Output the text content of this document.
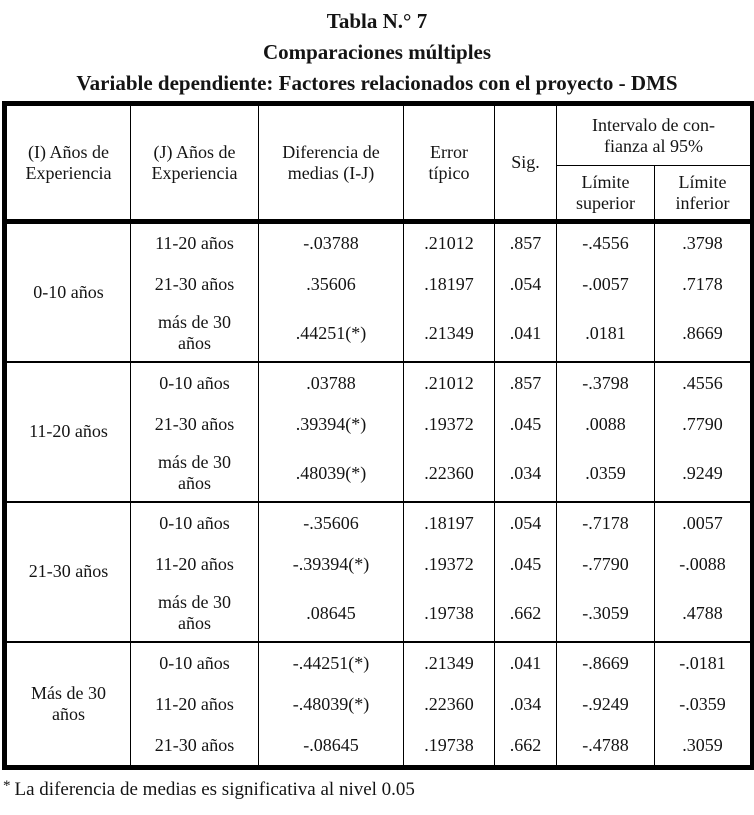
Tabla N.° 7
Comparaciones múltiples
Variable dependiente: Factores relacionados con el proyecto - DMS
(I) Años de Experiencia	(J) Años de Experiencia	Diferencia de medias (I-J)	Error típico	Sig.	Intervalo de con-
fianza al 95%	

					Límite superior	Límite inferior
0-10 años	11-20 años	-.03788	.21012	.857	-.4556	.3798
	21-30 años	.35606	.18197	.054	-.0057	.7178
	más de 30 años	.44251(*)	.21349	.041	.0181	.8669
11-20 años	0-10 años	.03788	.21012	.857	-.3798	.4556
	21-30 años	.39394(*)	.19372	.045	.0088	.7790
	más de 30 años	.48039(*)	.22360	.034	.0359	.9249
21-30 años	0-10 años	-.35606	.18197	.054	-.7178	.0057
	11-20 años	-.39394(*)	.19372	.045	-.7790	-.0088
	más de 30 años	.08645	.19738	.662	-.3059	.4788
Más de 30 años	0-10 años	-.44251(*)	.21349	.041	-.8669	-.0181
	11-20 años	-.48039(*)	.22360	.034	-.9249	-.0359
	21-30 años	-.08645	.19738	.662	-.4788	.3059
* La diferencia de medias es significativa al nivel 0.05
